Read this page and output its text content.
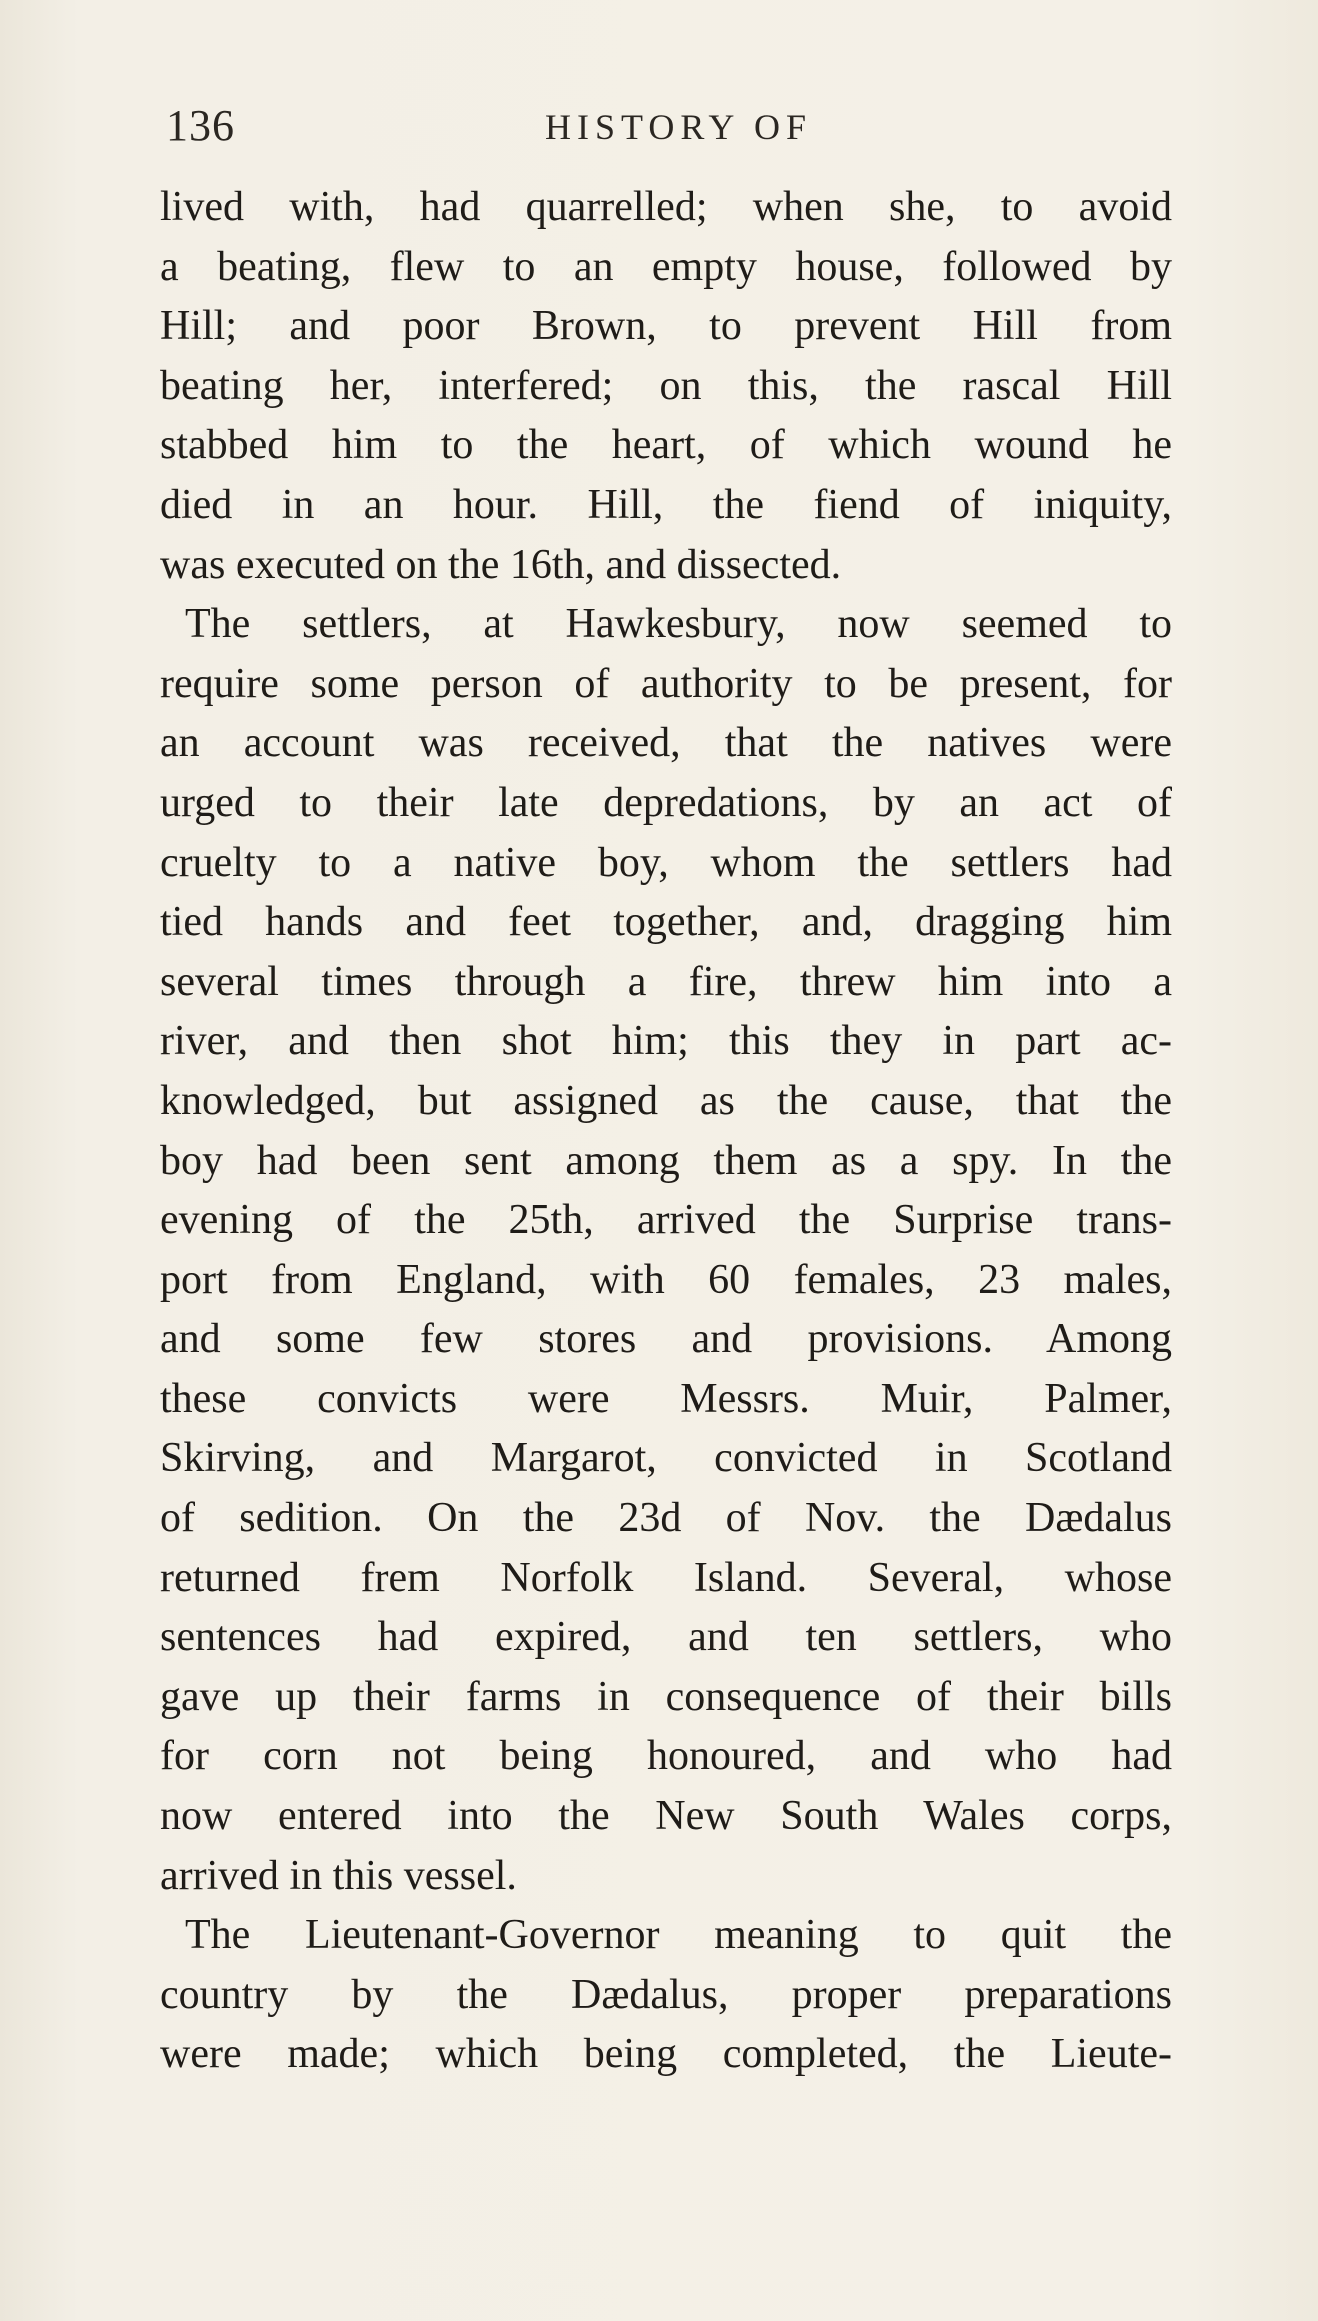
136	HISTORY OF
lived with, had quarrelled; when she, to avoid
a beating, flew to an empty house, followed by
Hill; and poor Brown, to prevent Hill from
beating her, interfered; on this, the rascal Hill
stabbed him to the heart, of which wound he
died in an hour. Hill, the fiend of iniquity,
was executed on the 16th, and dissected.
The settlers, at Hawkesbury, now seemed to
require some person of authority to be present, for
an account was received, that the natives were
urged to their late depredations, by an act of
cruelty to a native boy, whom the settlers had
tied hands and feet together, and, dragging him
several times through a fire, threw him into a
river, and then shot him; this they in part ac-
knowledged, but assigned as the cause, that the
boy had been sent among them as a spy. In the
evening of the 25th, arrived the Surprise trans-
port from England, with 60 females, 23 males,
and some few stores and provisions. Among
these convicts were Messrs. Muir, Palmer,
Skirving, and Margarot, convicted in Scotland
of sedition. On the 23d of Nov. the Dædalus
returned frem Norfolk Island. Several, whose
sentences had expired, and ten settlers, who
gave up their farms in consequence of their bills
for corn not being honoured, and who had
now entered into the New South Wales corps,
arrived in this vessel.
The Lieutenant-Governor meaning to quit the
country by the Dædalus, proper preparations
were made; which being completed, the Lieute-
